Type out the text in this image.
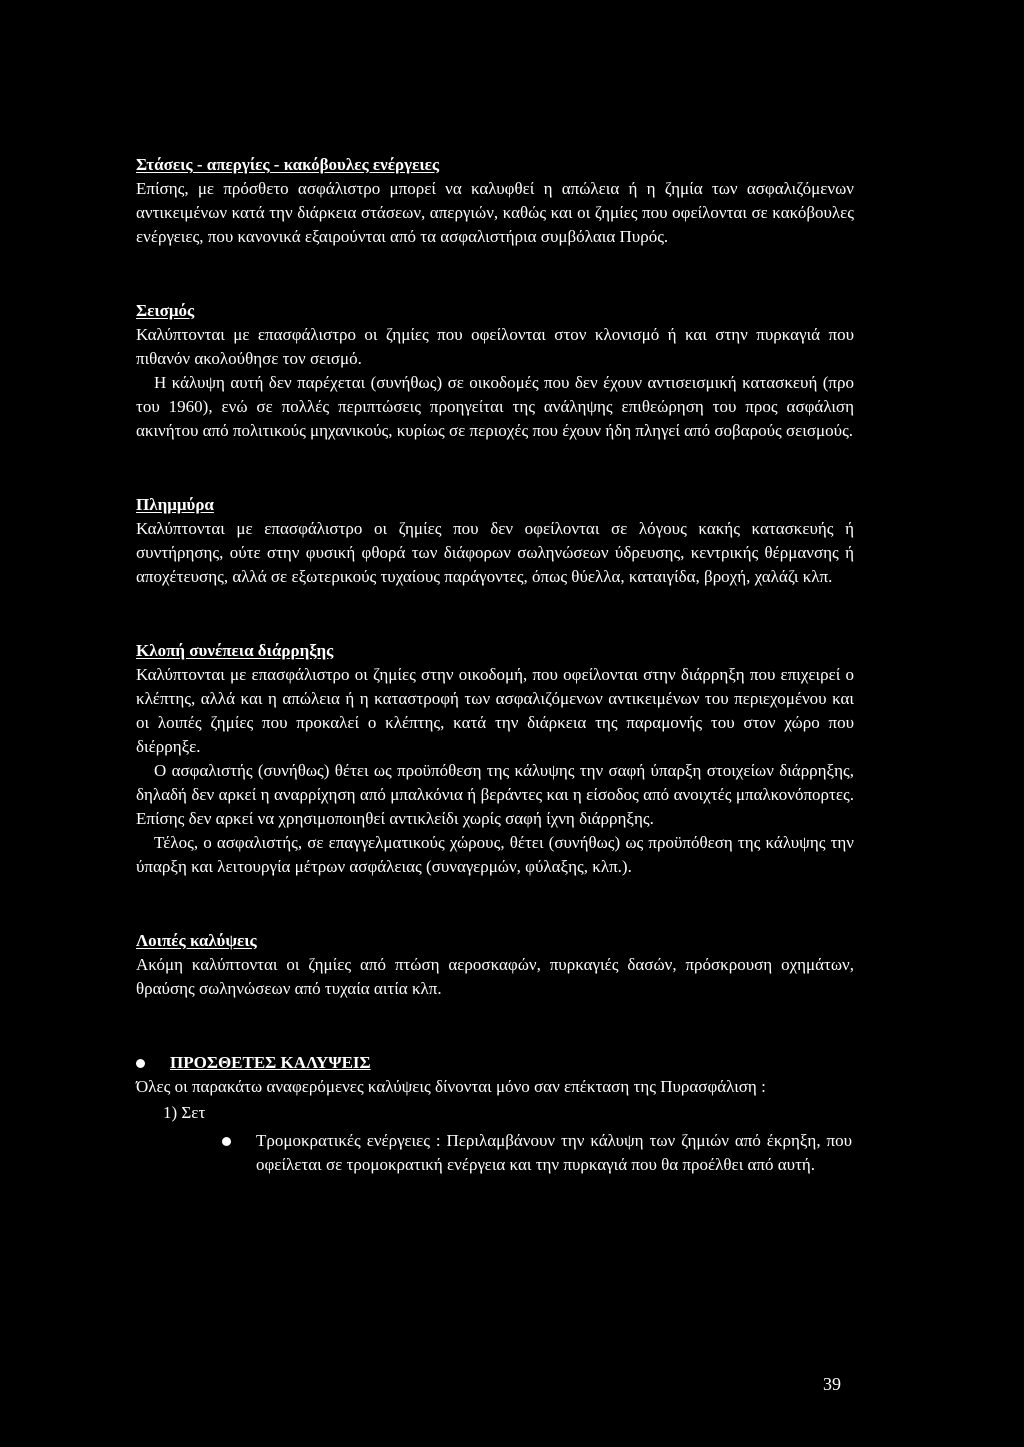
Στάσεις - απεργίες - κακόβουλες ενέργειες

Επίσης, με πρόσθετο ασφάλιστρο μπορεί να καλυφθεί η απώλεια ή η ζημία των ασφαλιζόμενων αντικειμένων κατά την διάρκεια στάσεων, απεργιών, καθώς και οι ζημίες που οφείλονται σε κακόβουλες ενέργειες, που κανονικά εξαιρούνται από τα ασφαλιστήρια συμβόλαια Πυρός.

Σεισμός

Καλύπτονται με επασφάλιστρο οι ζημίες που οφείλονται στον κλονισμό ή και στην πυρκαγιά που πιθανόν ακολούθησε τον σεισμό.

Η κάλυψη αυτή δεν παρέχεται (συνήθως) σε οικοδομές που δεν έχουν αντισεισμική κατασκευή (προ του 1960), ενώ σε πολλές περιπτώσεις προηγείται της ανάληψης επιθεώρηση του προς ασφάλιση ακινήτου από πολιτικούς μηχανικούς, κυρίως σε περιοχές που έχουν ήδη πληγεί από σοβαρούς σεισμούς.

Πλημμύρα

Καλύπτονται με επασφάλιστρο οι ζημίες που δεν οφείλονται σε λόγους κακής κατασκευής ή συντήρησης, ούτε στην φυσική φθορά των διάφορων σωληνώσεων ύδρευσης, κεντρικής θέρμανσης ή αποχέτευσης, αλλά σε εξωτερικούς τυχαίους παράγοντες, όπως θύελλα, καταιγίδα, βροχή, χαλάζι κλπ.

Κλοπή συνέπεια διάρρηξης

Καλύπτονται με επασφάλιστρο οι ζημίες στην οικοδομή, που οφείλονται στην διάρρηξη που επιχειρεί ο κλέπτης, αλλά και η απώλεια ή η καταστροφή των ασφαλιζόμενων αντικειμένων του περιεχομένου και οι λοιπές ζημίες που προκαλεί ο κλέπτης, κατά την διάρκεια της παραμονής του στον χώρο που διέρρηξε.

Ο ασφαλιστής (συνήθως) θέτει ως προϋπόθεση της κάλυψης την σαφή ύπαρξη στοιχείων διάρρηξης, δηλαδή δεν αρκεί η αναρρίχηση από μπαλκόνια ή βεράντες και η είσοδος από ανοιχτές μπαλκονόπορτες. Επίσης δεν αρκεί να χρησιμοποιηθεί αντικλείδι χωρίς σαφή ίχνη διάρρηξης.

Τέλος, ο ασφαλιστής, σε επαγγελματικούς χώρους, θέτει (συνήθως) ως προϋπόθεση της κάλυψης την ύπαρξη και λειτουργία μέτρων ασφάλειας (συναγερμών, φύλαξης, κλπ.).

Λοιπές καλύψεις

Ακόμη καλύπτονται οι ζημίες από πτώση αεροσκαφών, πυρκαγιές δασών, πρόσκρουση οχημάτων, θραύσης σωληνώσεων από τυχαία αιτία κλπ.

ΠΡΟΣΘΕΤΕΣ ΚΑΛΥΨΕΙΣ

Όλες οι παρακάτω αναφερόμενες καλύψεις δίνονται μόνο σαν επέκταση της Πυρασφάλιση :

1) Σετ
Τρομοκρατικές ενέργειες : Περιλαμβάνουν την κάλυψη των ζημιών από έκρηξη, που οφείλεται σε τρομοκρατική ενέργεια και την πυρκαγιά που θα προέλθει από αυτή.
39
